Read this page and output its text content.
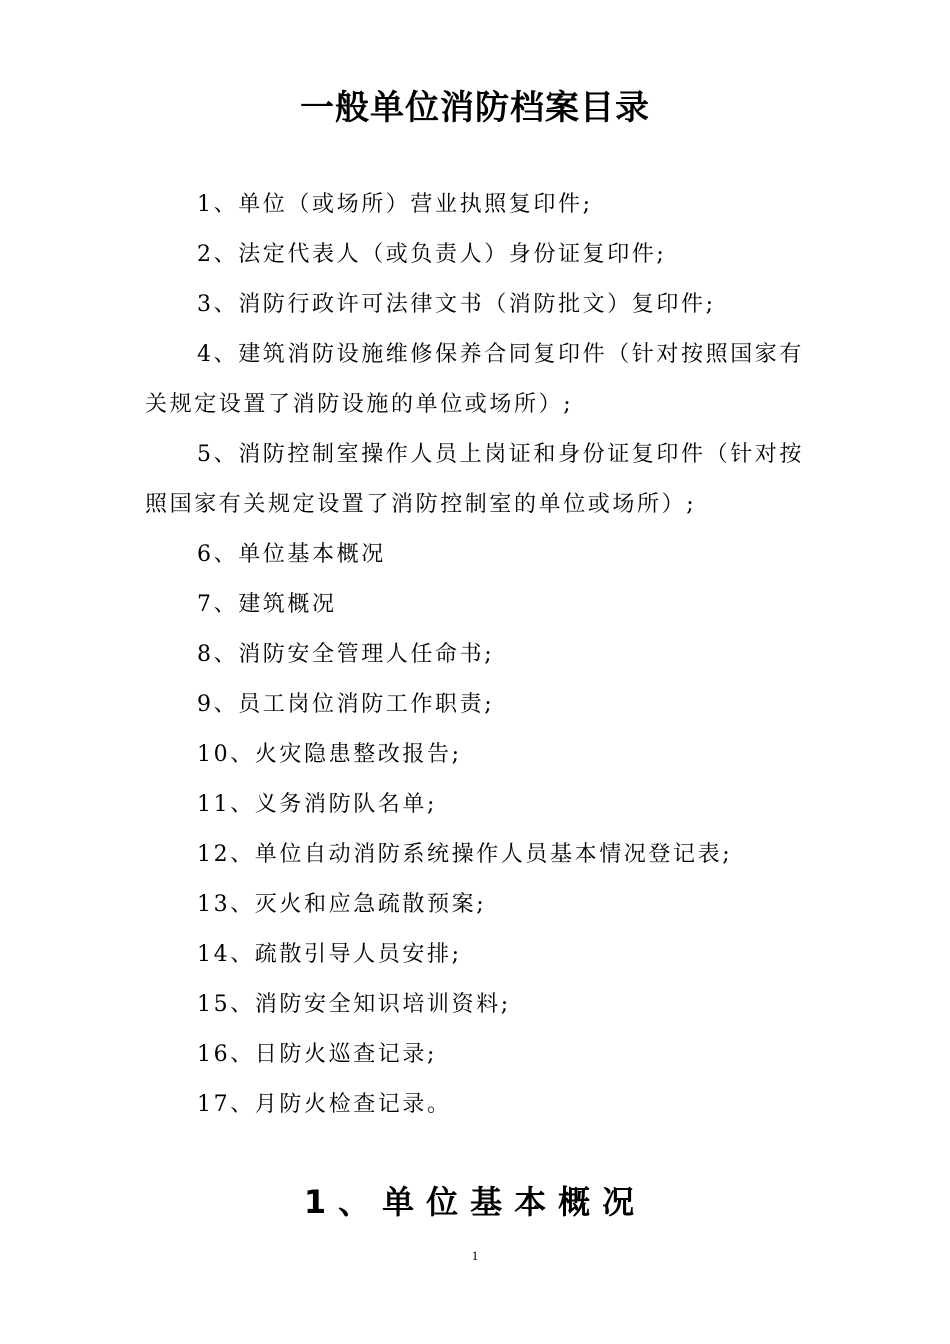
一般单位消防档案目录
1、单位（或场所）营业执照复印件;
2、法定代表人（或负责人）身份证复印件;
3、消防行政许可法律文书（消防批文）复印件;
4、建筑消防设施维修保养合同复印件（针对按照国家有关规定设置了消防设施的单位或场所）;
5、消防控制室操作人员上岗证和身份证复印件（针对按照国家有关规定设置了消防控制室的单位或场所）;
6、单位基本概况
7、建筑概况
8、消防安全管理人任命书;
9、员工岗位消防工作职责;
10、火灾隐患整改报告;
11、义务消防队名单;
12、单位自动消防系统操作人员基本情况登记表;
13、灭火和应急疏散预案;
14、疏散引导人员安排;
15、消防安全知识培训资料;
16、日防火巡查记录;
17、月防火检查记录。
1、单位基本概况
1
